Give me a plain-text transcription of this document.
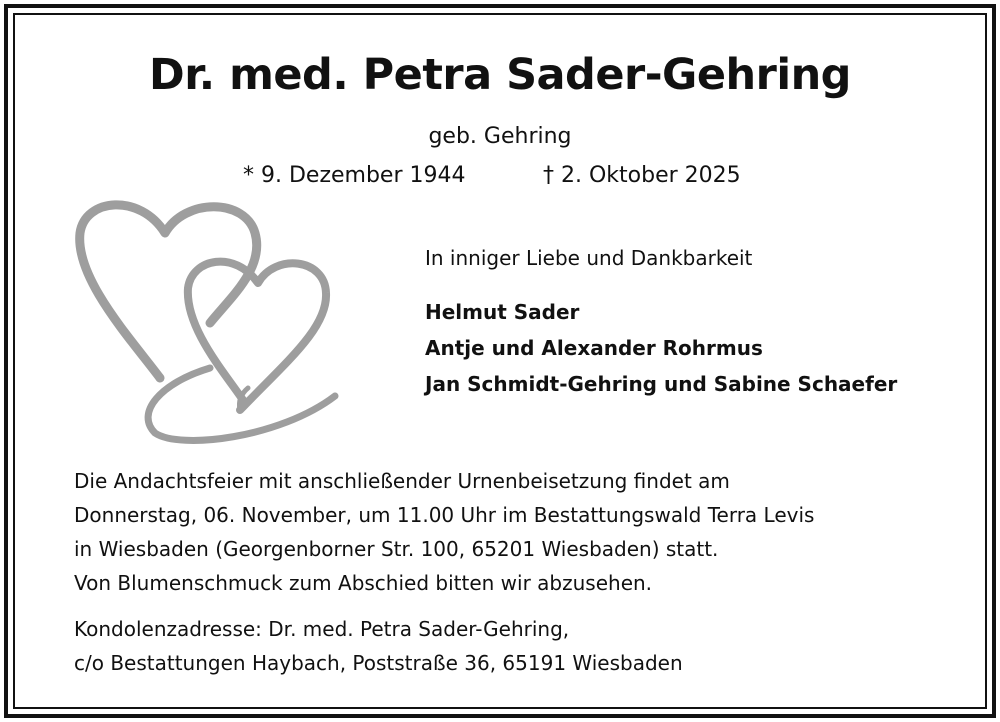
Dr. med. Petra Sader-Gehring
geb. Gehring
* 9. Dezember 1944	† 2. Oktober 2025
In inniger Liebe und Dankbarkeit
Helmut Sader
Antje und Alexander Rohrmus
Jan Schmidt-Gehring und Sabine Schaefer
Die Andachtsfeier mit anschließender Urnenbeisetzung findet am
Donnerstag, 06. November, um 11.00 Uhr im Bestattungswald Terra Levis
in Wiesbaden (Georgenborner Str. 100, 65201 Wiesbaden) statt.
Von Blumenschmuck zum Abschied bitten wir abzusehen.
Kondolenzadresse: Dr. med. Petra Sader-Gehring,
c/o Bestattungen Haybach, Poststraße 36, 65191 Wiesbaden
